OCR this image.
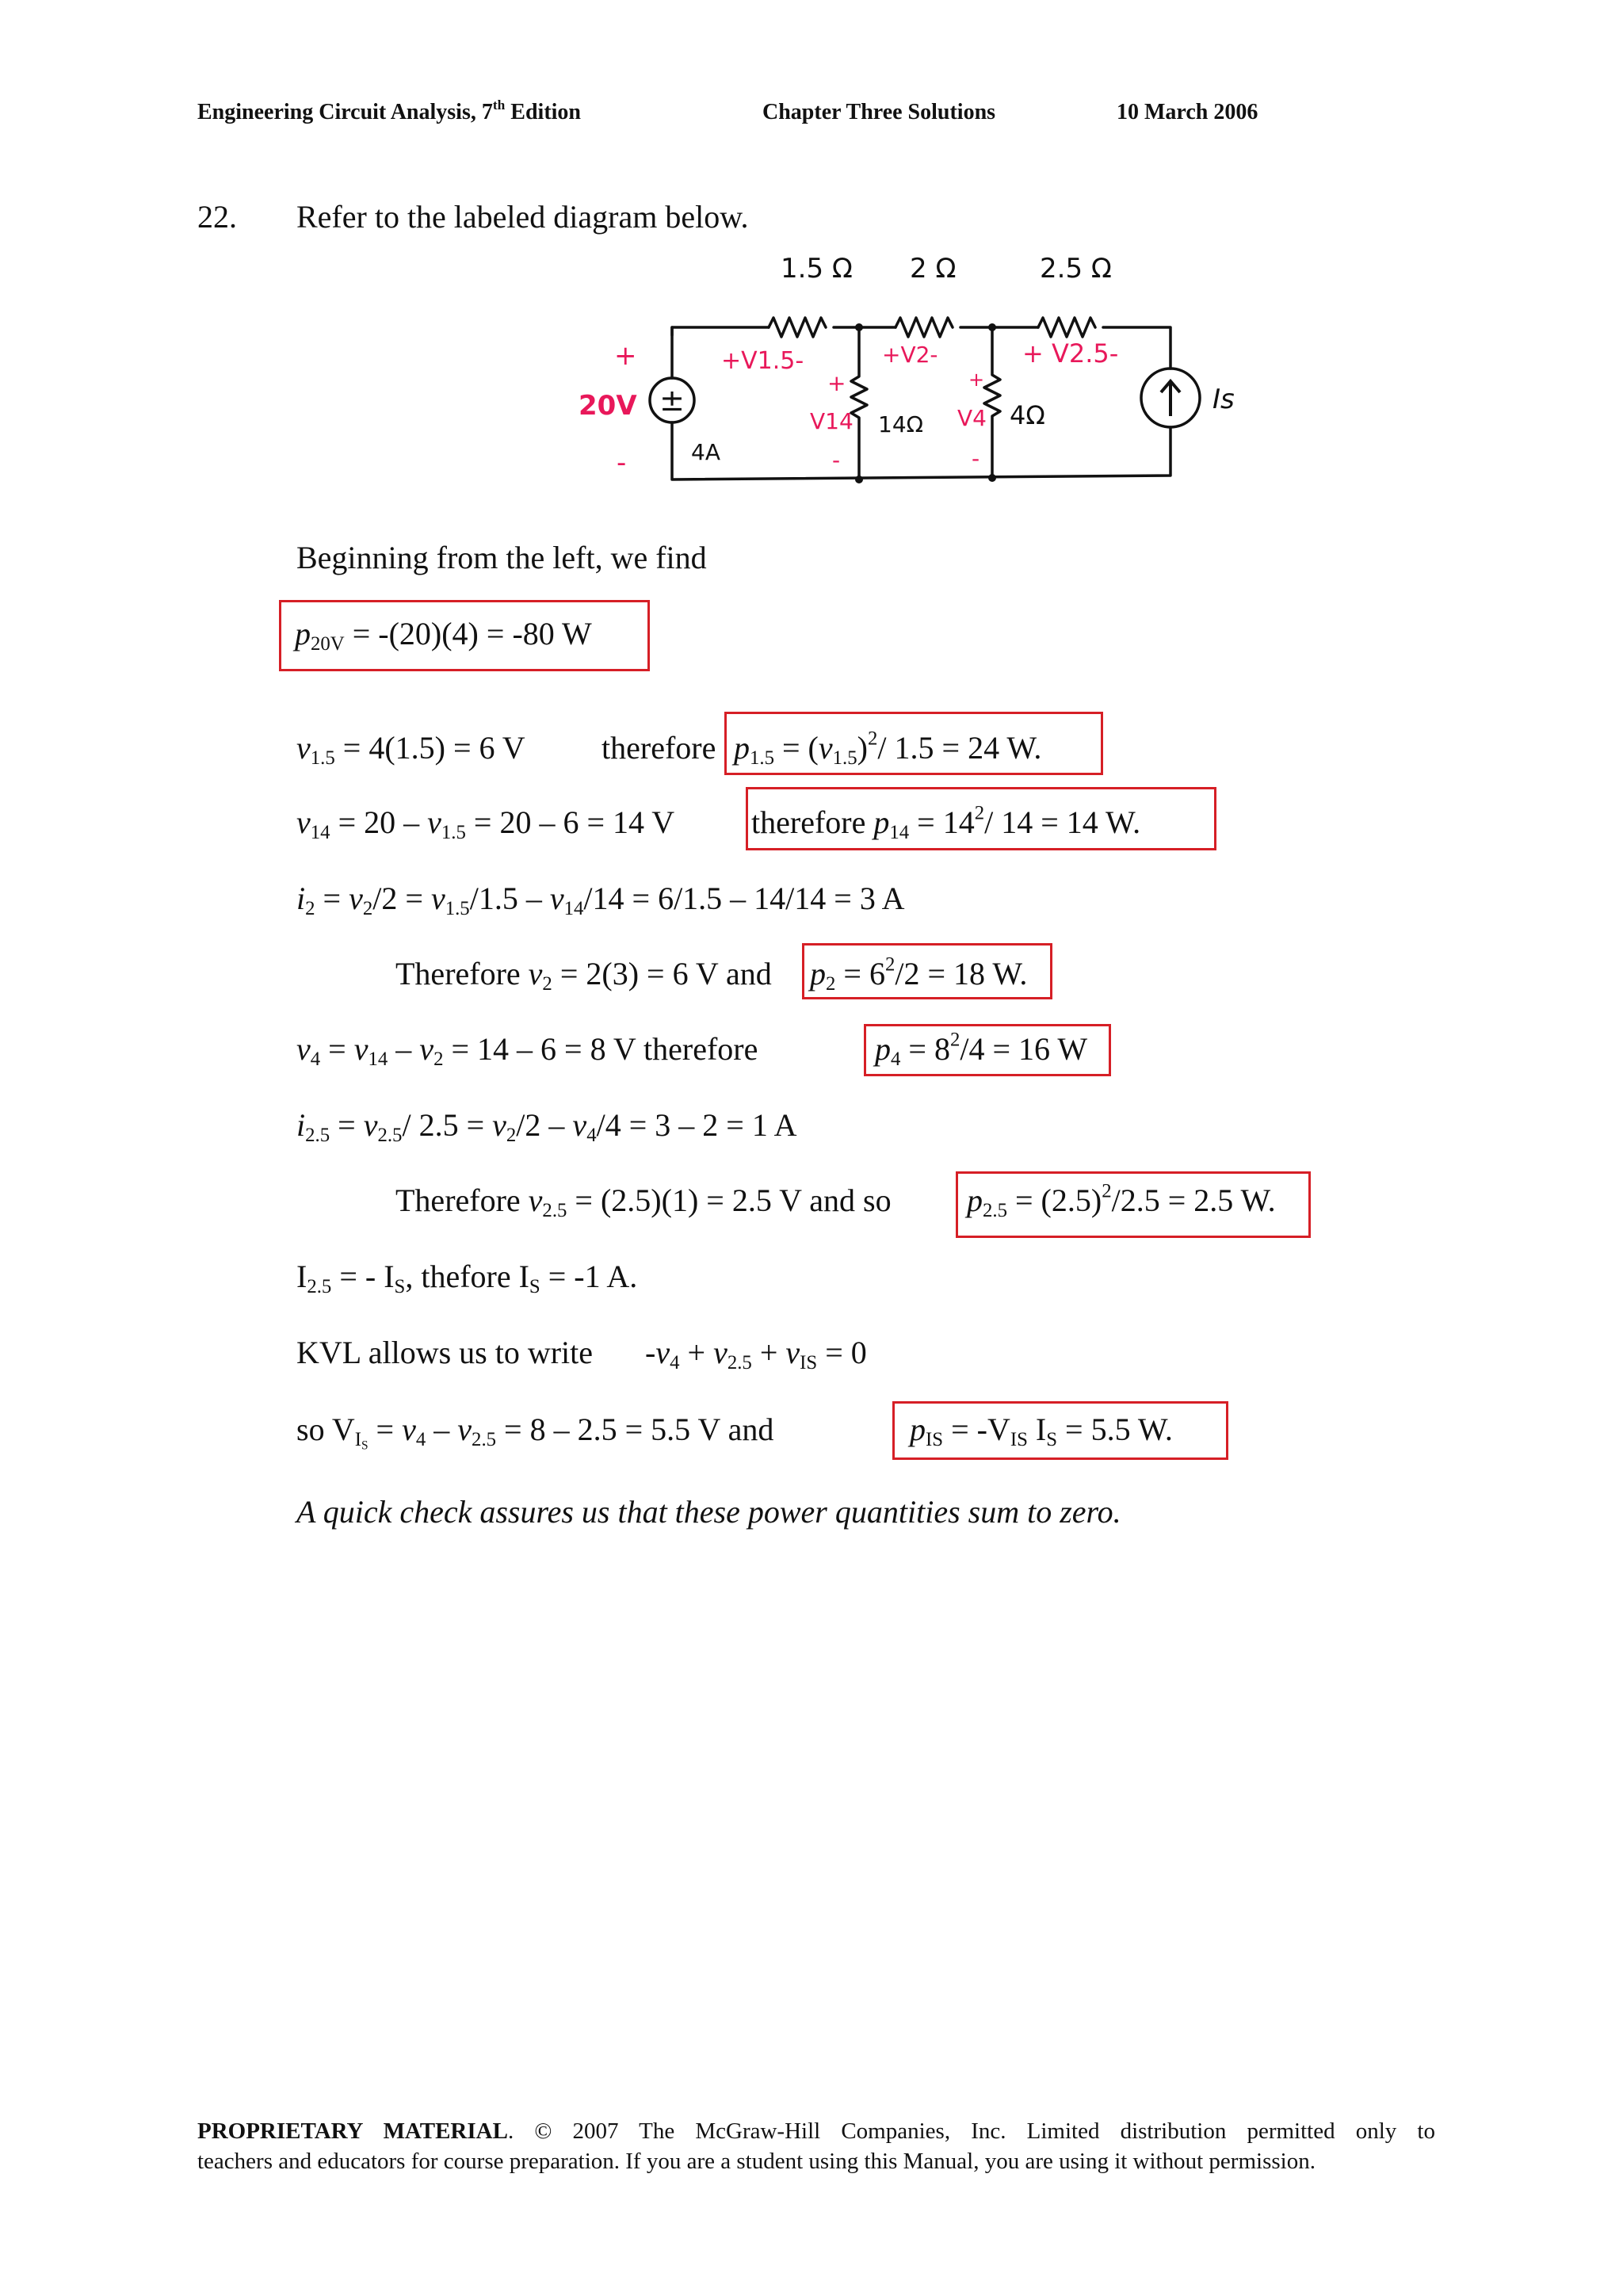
Engineering Circuit Analysis, 7th Edition	Chapter Three Solutions	10 March 2006
22. Refer to the labeled diagram below.
±
1.5 Ω 2 Ω	2.5 Ω
4A
14Ω	4Ω	Is
+
20V
-
+V1.5-	+V2-	+ V2.5-
+
V14
-
+
V4
-
Beginning from the left, we find
$p_{20V} = -(20)(4) = -80$ W
$v_{1.5} = 4(1.5) = 6$ V therefore $p_{1.5} = (v_{1.5})^2/$ 1.5 = 24 W.
$v_{14} = 20 - v_{1.5} = 20 - 6 = 14$ V therefore $p_{14} = 14^2/$ 14 = 14 W.
$i_2 = v_2/2 = v_{1.5}/1.5 - v_{14}/14 = 6/1.5 - 14/14 = 3$ A
Therefore $v_2 = 2(3) = 6$ V and $p_2 = 6^2/2 = 18$ W.
$v_4 = v_{14} - v_2 = 14 - 6 = 8$ V therefore	$p_4 = 8^2/4 = 16$ W
$i_{2.5} = v_{2.5}/$ $2.5 = v_2/2 - v_4/4 = 3 - 2 = 1$ A
Therefore $v_{2.5} = (2.5)(1) = 2.5$ V and so $p_{2.5} = (2.5)^2/2.5 = 2.5$ W.
$I_{2.5}$ = - $I_S$, thefore $I_S = -1$ A.
KVL allows us to write $-v_4 + v_{2.5} + v_{IS} = 0$
so $V_{I_S} = v_4 - v_{2.5} = 8 - 2.5 = 5.5$ V and	$p_{IS} = -V_{IS}$ $I_S = 5.5$ W.
A quick check assures us that these power quantities sum to zero.

PROPRIETARY MATERIAL. © 2007 The McGraw-Hill Companies, Inc. Limited distribution permitted only to

teachers and educators for course preparation. If you are a student using this Manual, you are using it without permission.
